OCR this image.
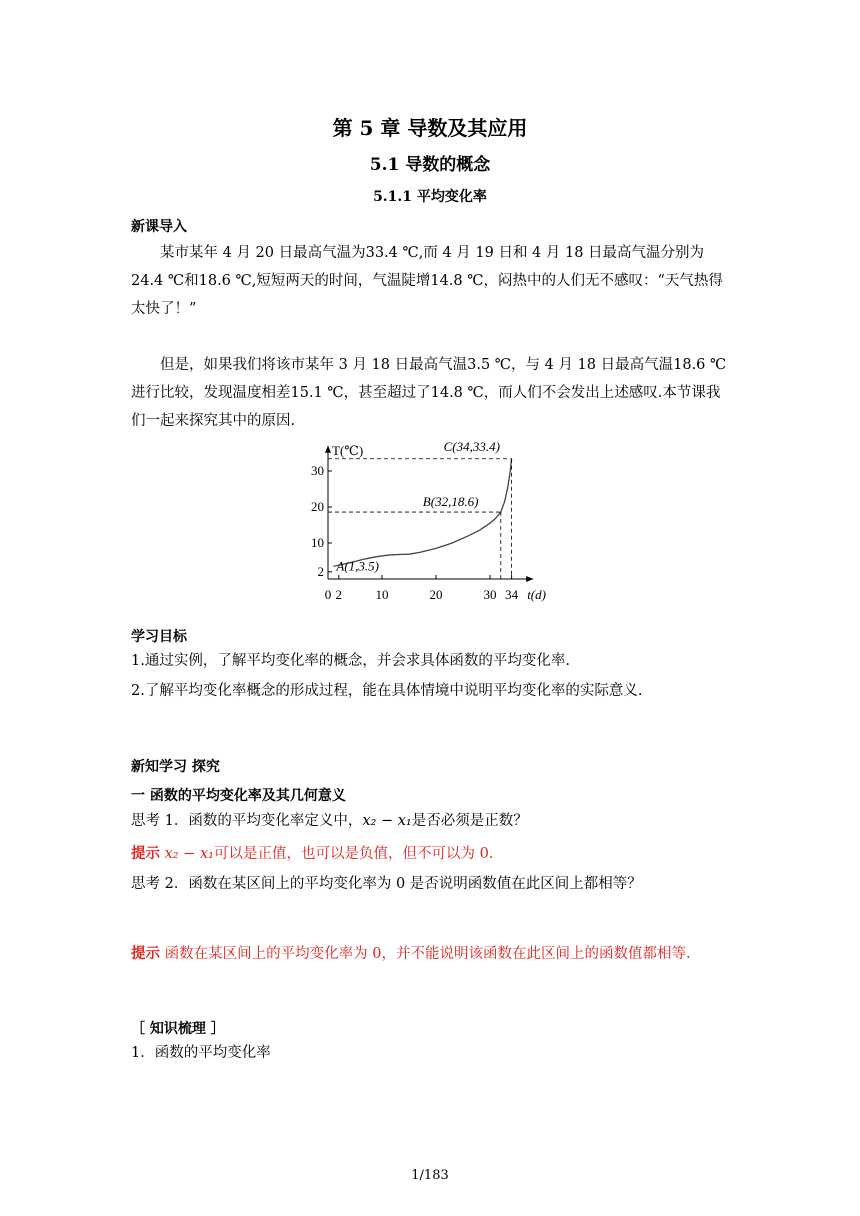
第 5 章 导数及其应用
5.1 导数的概念
5.1.1 平均变化率
新课导入
某市某年 4 月 20 日最高气温为33.4 ℃,而 4 月 19 日和 4 月 18 日最高气温分别为24.4 ℃和18.6 ℃,短短两天的时间，气温陡增14.8 ℃，闷热中的人们无不感叹：“天气热得太快了！”
但是，如果我们将该市某年 3 月 18 日最高气温3.5 ℃，与 4 月 18 日最高气温18.6 ℃进行比较，发现温度相差15.1 ℃，甚至超过了14.8 ℃，而人们不会发出上述感叹.本节课我们一起来探究其中的原因.
T(℃)
t(d)
2
10
20
30
0 2	10	20	30 34
A(1,3.5)
B(32,18.6)
C(34,33.4)
学习目标
1.通过实例，了解平均变化率的概念，并会求具体函数的平均变化率.
2.了解平均变化率概念的形成过程，能在具体情境中说明平均变化率的实际意义.
新知学习 探究
一 函数的平均变化率及其几何意义
思考 1．函数的平均变化率定义中，x₂ − x₁是否必须是正数？
提示 x₂ − x₁可以是正值，也可以是负值，但不可以为 0.
思考 2．函数在某区间上的平均变化率为 0 是否说明函数值在此区间上都相等？
提示 函数在某区间上的平均变化率为 0，并不能说明该函数在此区间上的函数值都相等.
［ 知识梳理 ］
1．函数的平均变化率
1/183
